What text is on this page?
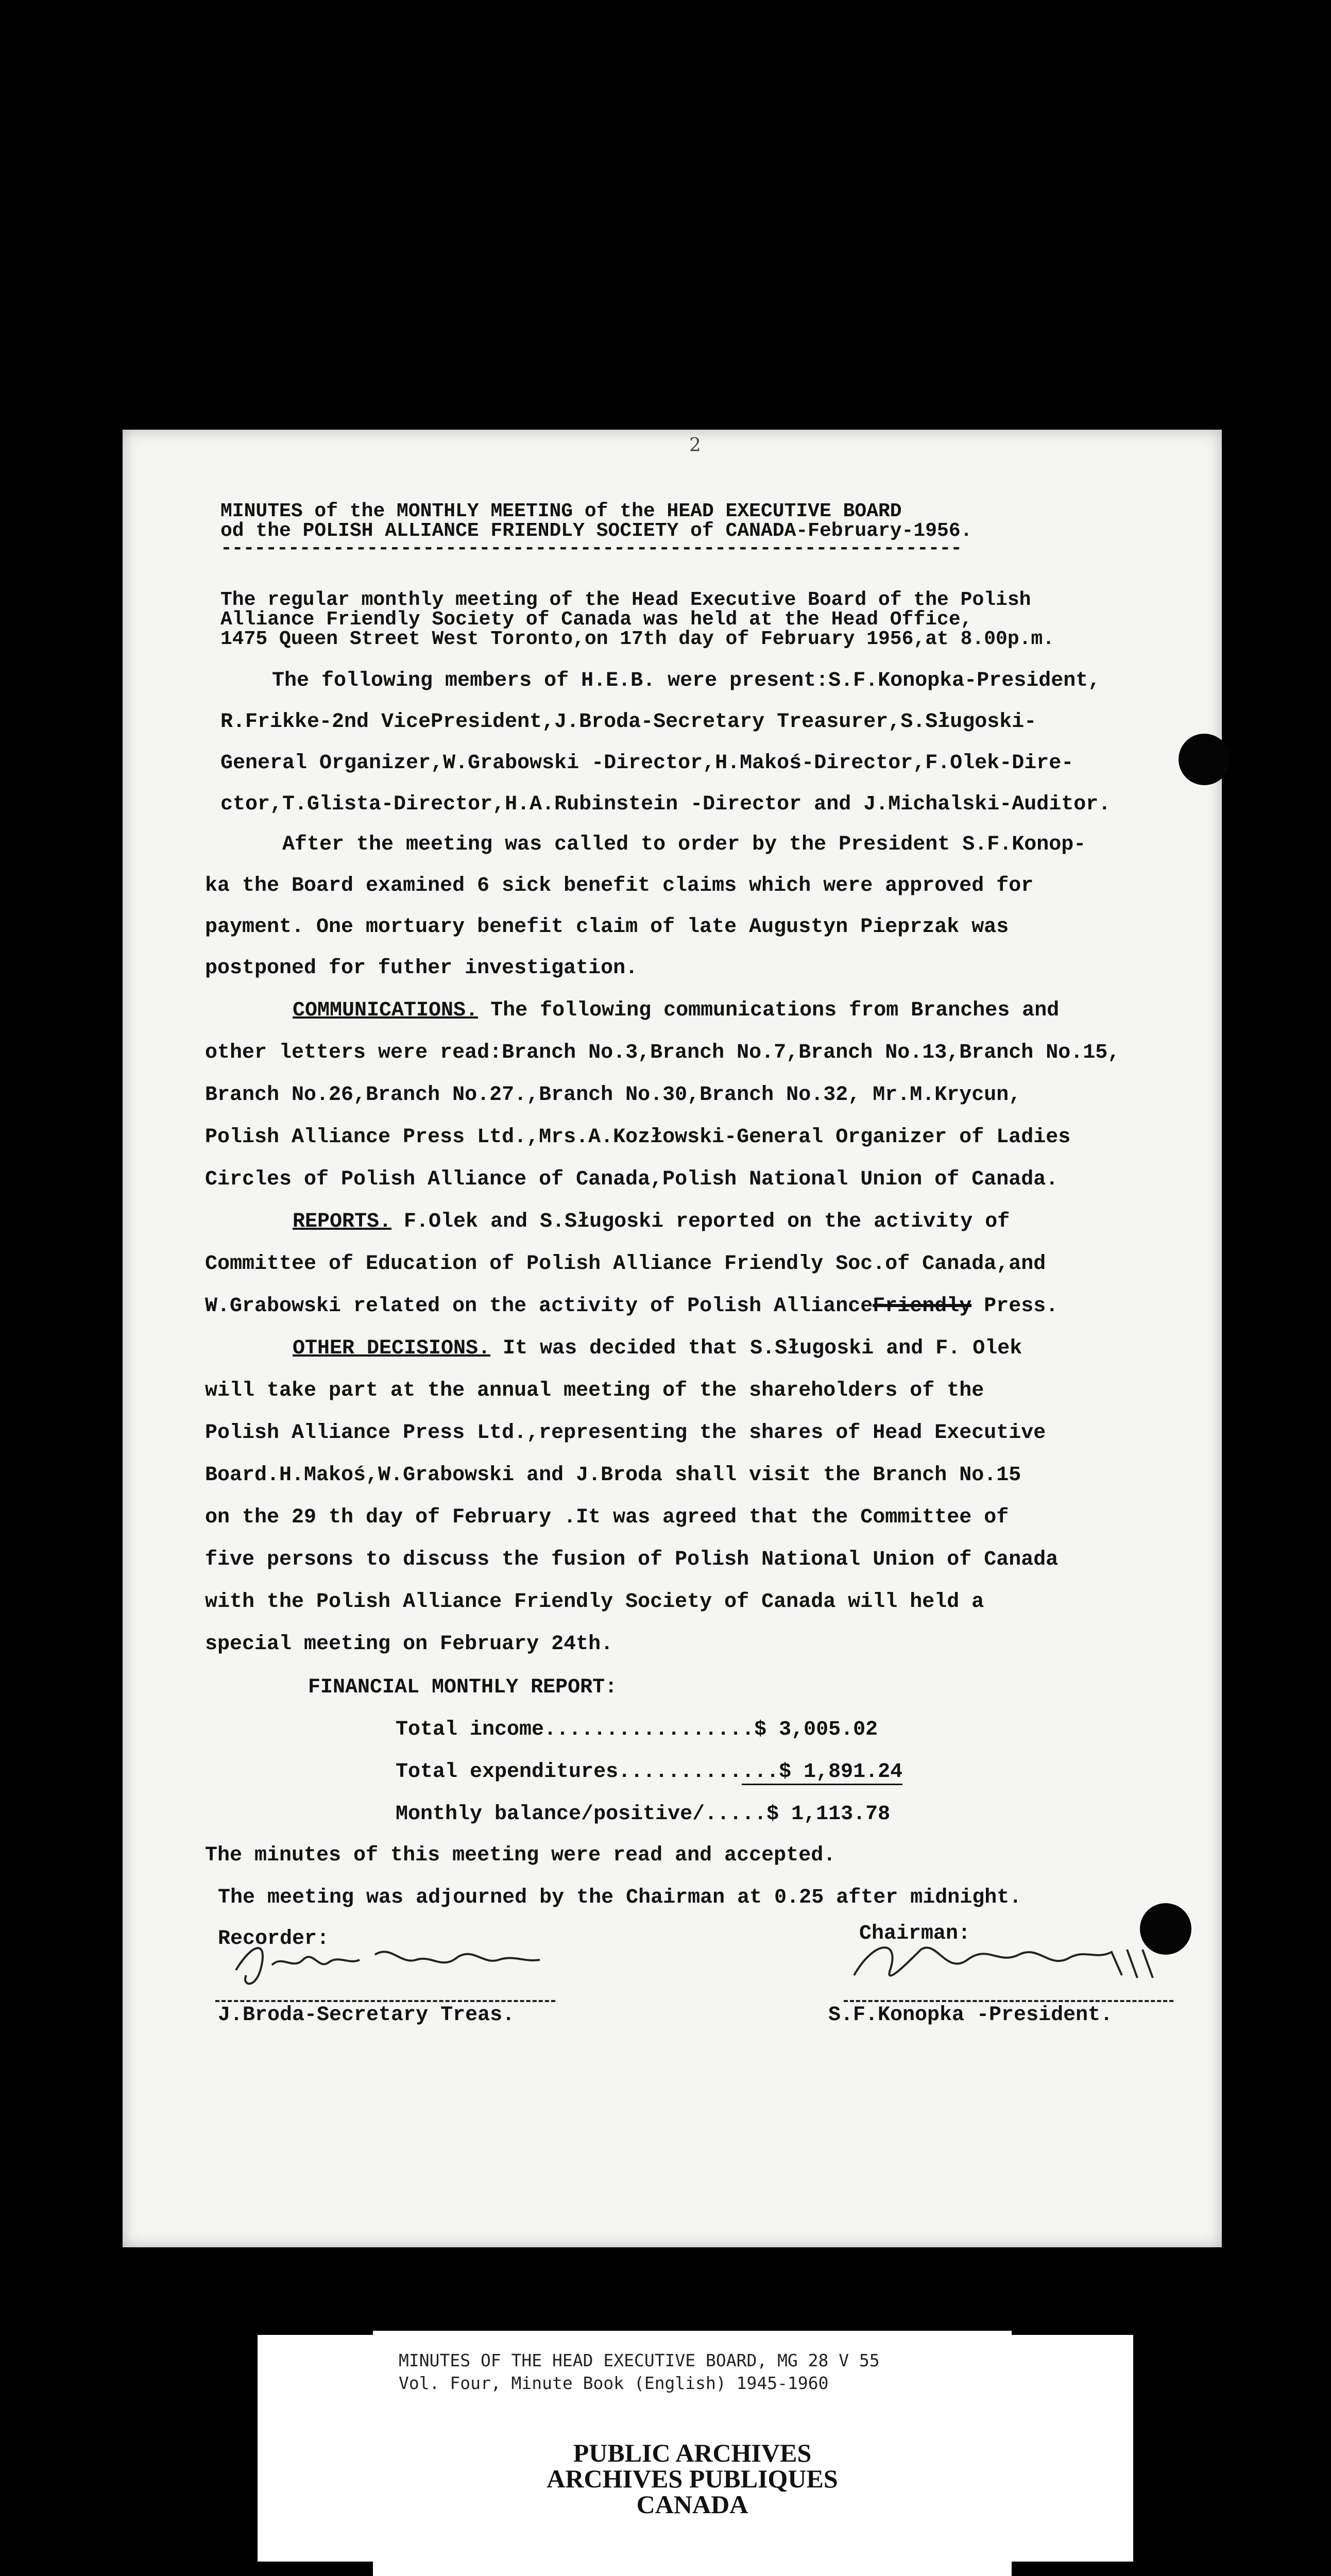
2
MINUTES of the MONTHLY MEETING of the HEAD EXECUTIVE BOARD
od the POLISH ALLIANCE FRIENDLY SOCIETY of CANADA-February-1956.
------------------------------------------------------------------
The regular monthly meeting of the Head Executive Board of the Polish
Alliance Friendly Society of Canada was held at the Head Office,
1475 Queen Street West Toronto,on 17th day of February 1956,at 8.00p.m.
The following members of H.E.B. were present:S.F.Konopka-President,
R.Frikke-2nd VicePresident,J.Broda-Secretary Treasurer,S.Sługoski-
General Organizer,W.Grabowski -Director,H.Makoś-Director,F.Olek-Dire-
ctor,T.Glista-Director,H.A.Rubinstein -Director and J.Michalski-Auditor.
After the meeting was called to order by the President S.F.Konop-
ka the Board examined 6 sick benefit claims which were approved for
payment. One mortuary benefit claim of late Augustyn Pieprzak was
postponed for futher investigation.
COMMUNICATIONS. The following communications from Branches and
other letters were read:Branch No.3,Branch No.7,Branch No.13,Branch No.15,
Branch No.26,Branch No.27.,Branch No.30,Branch No.32, Mr.M.Krycun,
Polish Alliance Press Ltd.,Mrs.A.Kozłowski-General Organizer of Ladies
Circles of Polish Alliance of Canada,Polish National Union of Canada.
REPORTS. F.Olek and S.Sługoski reported on the activity of
Committee of Education of Polish Alliance Friendly Soc.of Canada,and
W.Grabowski related on the activity of Polish AllianceFriendly Press.
OTHER DECISIONS. It was decided that S.Sługoski and F. Olek
will take part at the annual meeting of the shareholders of the
Polish Alliance Press Ltd.,representing the shares of Head Executive
Board.H.Makoś,W.Grabowski and J.Broda shall visit the Branch No.15
on the 29 th day of February .It was agreed that the Committee of
five persons to discuss the fusion of Polish National Union of Canada
with the Polish Alliance Friendly Society of Canada will held a
special meeting on February 24th.
FINANCIAL MONTHLY REPORT:
Total income.................$ 3,005.02
Total expenditures.............$ 1,891.24
Monthly balance/positive/.....$ 1,113.78
The minutes of this meeting were read and accepted.
The meeting was adjourned by the Chairman at 0.25 after midnight.
Recorder:
J.Broda-Secretary Treas.
Chairman:
S.F.Konopka -President.
MINUTES OF THE HEAD EXECUTIVE BOARD, MG 28 V 55
Vol. Four, Minute Book (English) 1945-1960
PUBLIC ARCHIVES
ARCHIVES PUBLIQUES
CANADA
